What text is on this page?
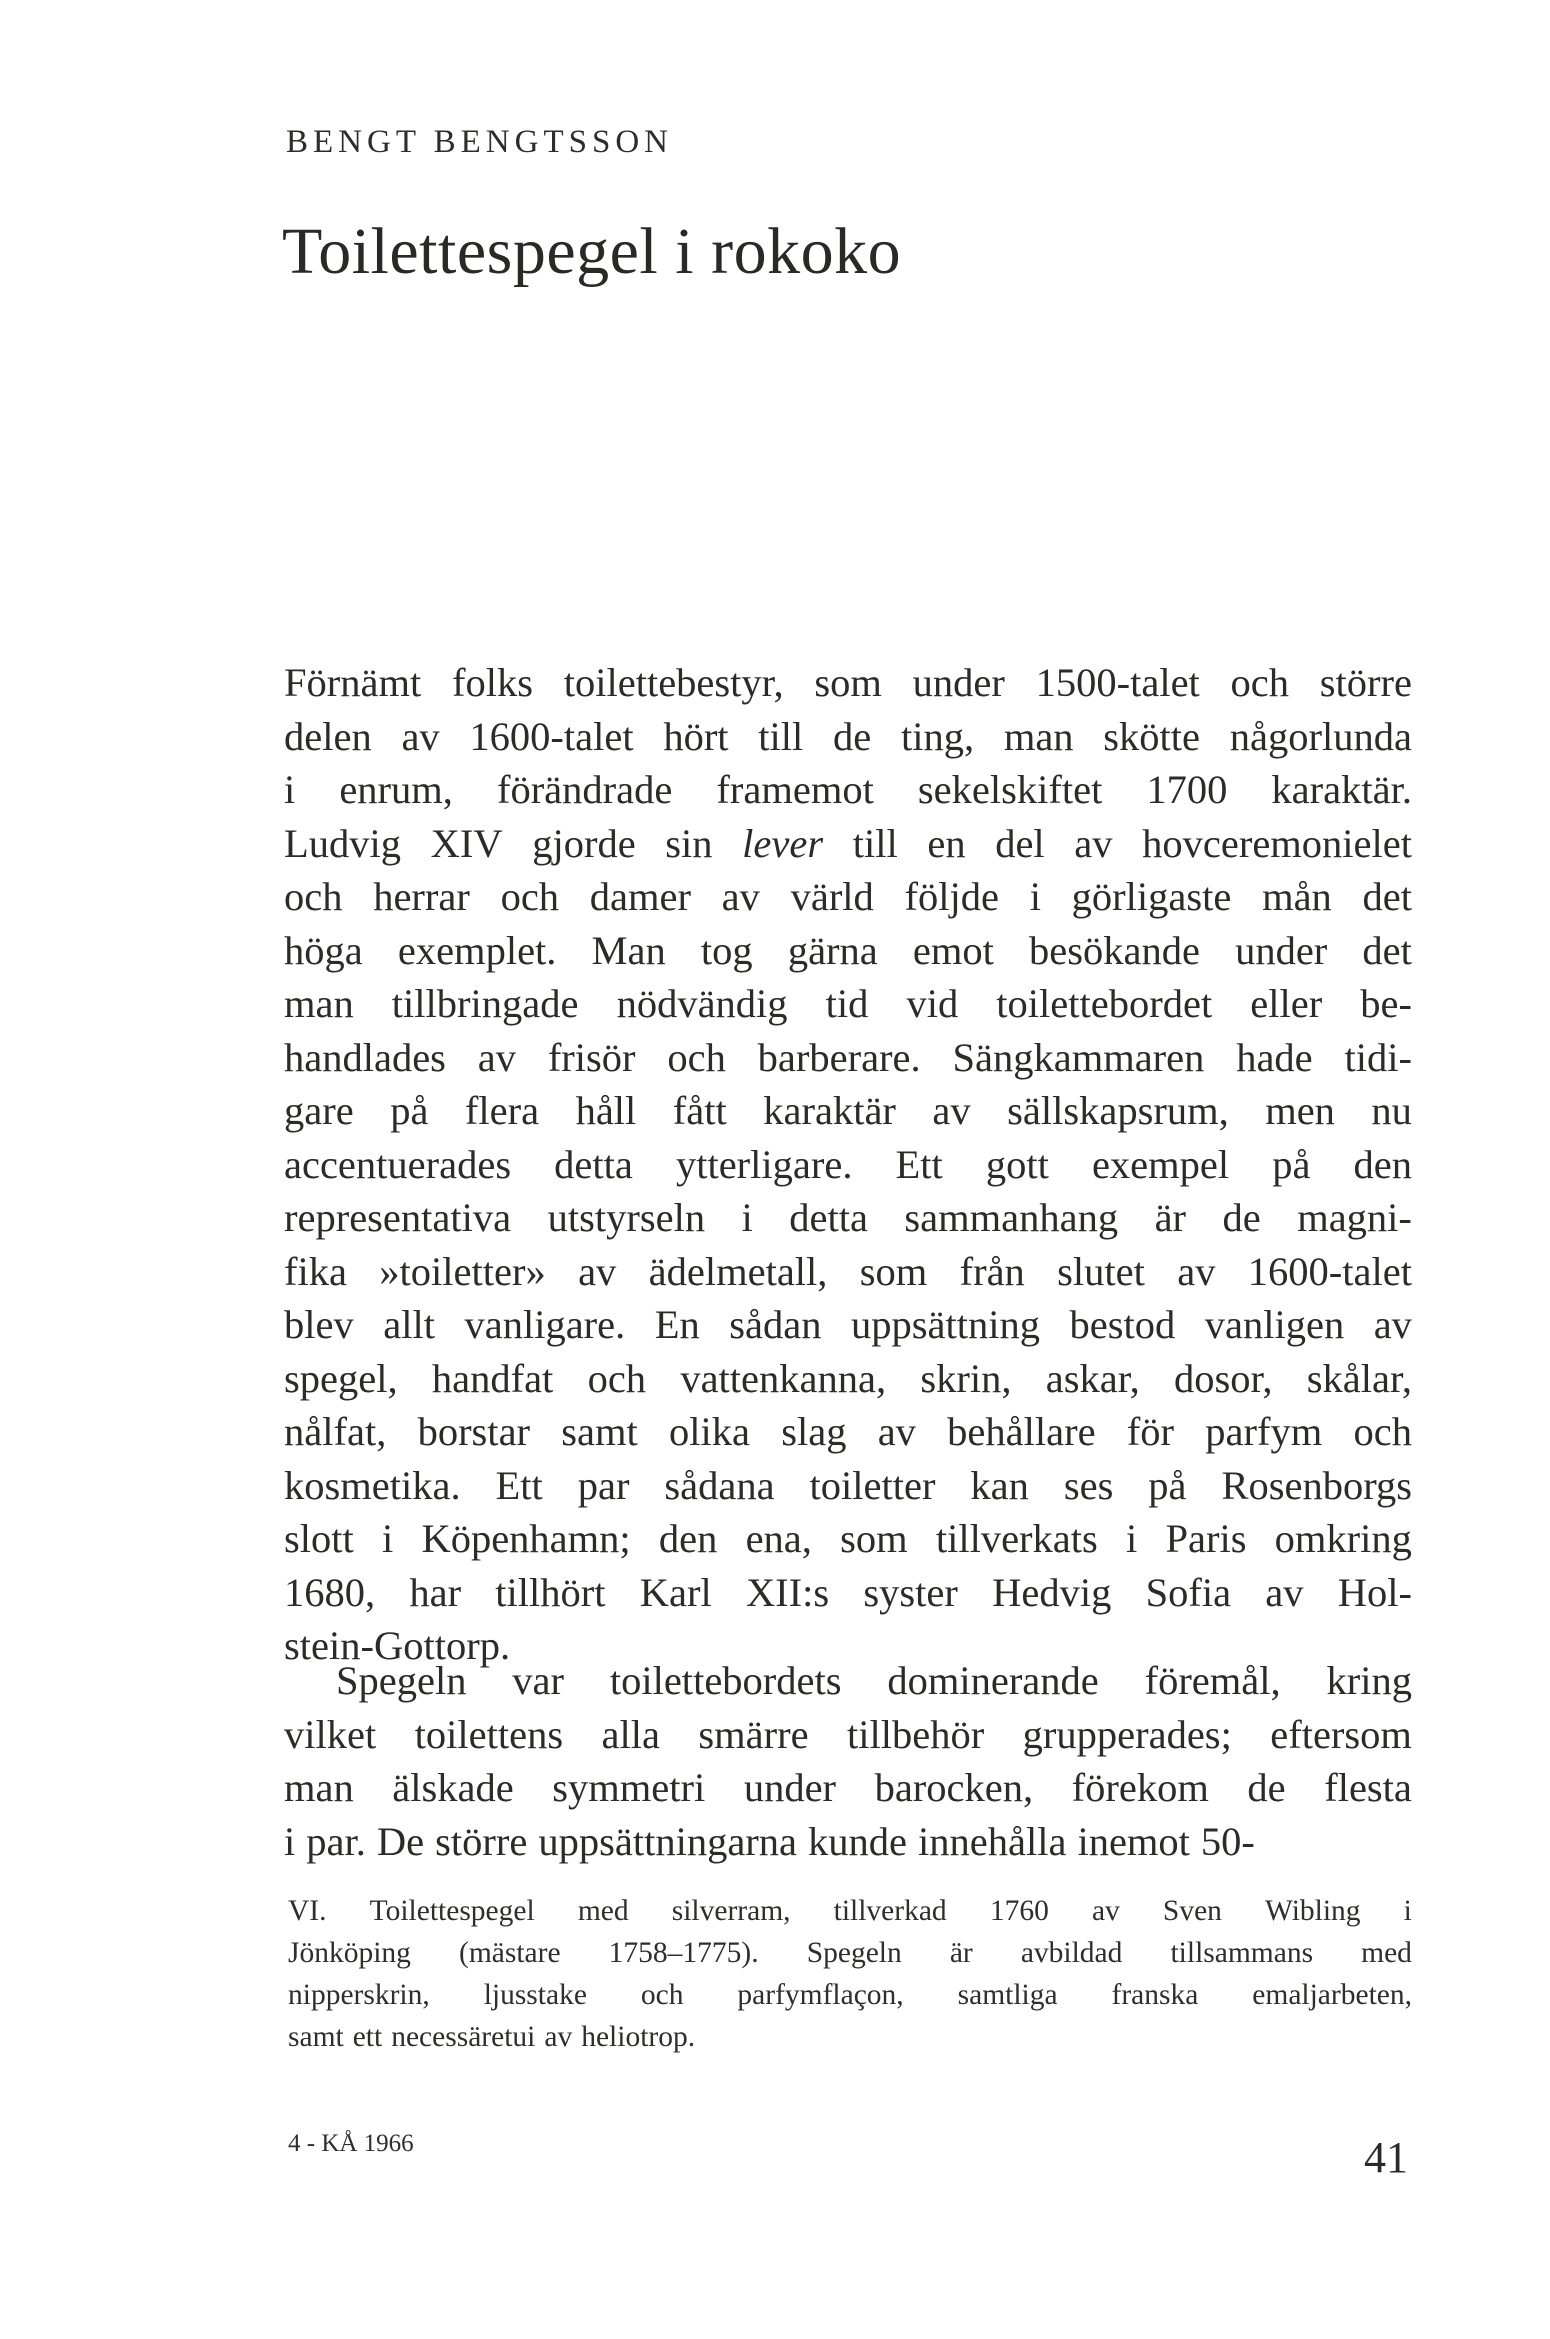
BENGT BENGTSSON
Toilettespegel i rokoko
Förnämt folks toilettebestyr, som under 1500-talet och större
delen av 1600-talet hört till de ting, man skötte någorlunda
i enrum, förändrade framemot sekelskiftet 1700 karaktär.
Ludvig XIV gjorde sin lever till en del av hovceremonielet
och herrar och damer av värld följde i görligaste mån det
höga exemplet. Man tog gärna emot besökande under det
man tillbringade nödvändig tid vid toilettebordet eller be-
handlades av frisör och barberare. Sängkammaren hade tidi-
gare på flera håll fått karaktär av sällskapsrum, men nu
accentuerades detta ytterligare. Ett gott exempel på den
representativa utstyrseln i detta sammanhang är de magni-
fika »toiletter» av ädelmetall, som från slutet av 1600-talet
blev allt vanligare. En sådan uppsättning bestod vanligen av
spegel, handfat och vattenkanna, skrin, askar, dosor, skålar,
nålfat, borstar samt olika slag av behållare för parfym och
kosmetika. Ett par sådana toiletter kan ses på Rosenborgs
slott i Köpenhamn; den ena, som tillverkats i Paris omkring
1680, har tillhört Karl XII:s syster Hedvig Sofia av Hol-
stein-Gottorp.
Spegeln var toilettebordets dominerande föremål, kring
vilket toilettens alla smärre tillbehör grupperades; eftersom
man älskade symmetri under barocken, förekom de flesta
i par. De större uppsättningarna kunde innehålla inemot 50-
VI. Toilettespegel med silverram, tillverkad 1760 av Sven Wibling i
Jönköping (mästare 1758–1775). Spegeln är avbildad tillsammans med
nipperskrin, ljusstake och parfymflaçon, samtliga franska emaljarbeten,
samt ett necessäretui av heliotrop.
4 - KÅ 1966	41
